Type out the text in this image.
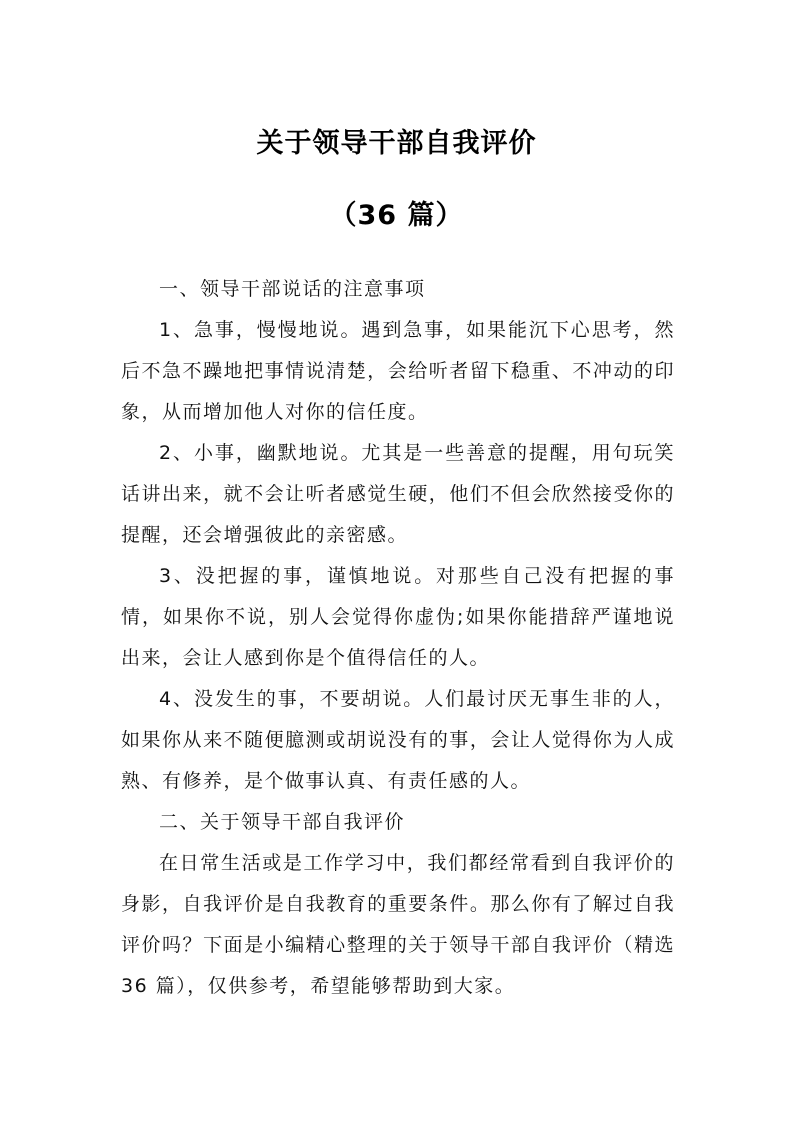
关于领导干部自我评价
（36 篇）

一、领导干部说话的注意事项

1、急事，慢慢地说。遇到急事，如果能沉下心思考，然后不急不躁地把事情说清楚，会给听者留下稳重、不冲动的印象，从而增加他人对你的信任度。

2、小事，幽默地说。尤其是一些善意的提醒，用句玩笑话讲出来，就不会让听者感觉生硬，他们不但会欣然接受你的提醒，还会增强彼此的亲密感。

3、没把握的事，谨慎地说。对那些自己没有把握的事情，如果你不说，别人会觉得你虚伪;如果你能措辞严谨地说出来，会让人感到你是个值得信任的人。

4、没发生的事，不要胡说。人们最讨厌无事生非的人，如果你从来不随便臆测或胡说没有的事，会让人觉得你为人成熟、有修养，是个做事认真、有责任感的人。

二、关于领导干部自我评价

在日常生活或是工作学习中，我们都经常看到自我评价的身影，自我评价是自我教育的重要条件。那么你有了解过自我评价吗？下面是小编精心整理的关于领导干部自我评价（精选 36 篇），仅供参考，希望能够帮助到大家。
